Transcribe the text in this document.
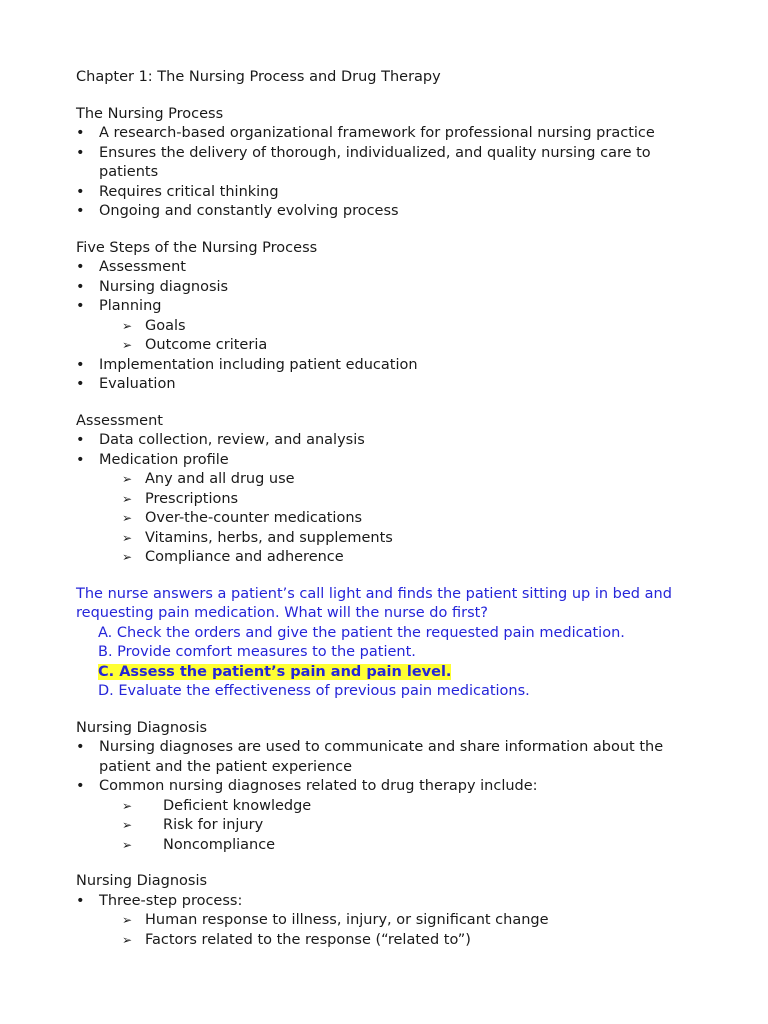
Chapter 1: The Nursing Process and Drug Therapy
The Nursing Process
• A research-based organizational framework for professional nursing practice
• Ensures the delivery of thorough, individualized, and quality nursing care to patients
• Requires critical thinking
• Ongoing and constantly evolving process
Five Steps of the Nursing Process
• Assessment
• Nursing diagnosis
• Planning
➢ Goals
➢ Outcome criteria
• Implementation including patient education
• Evaluation
Assessment
• Data collection, review, and analysis
• Medication profile
➢ Any and all drug use
➢ Prescriptions
➢ Over-the-counter medications
➢ Vitamins, herbs, and supplements
➢ Compliance and adherence
The nurse answers a patient’s call light and finds the patient sitting up in bed and requesting pain medication. What will the nurse do first?
A. Check the orders and give the patient the requested pain medication.
B. Provide comfort measures to the patient.
C. Assess the patient’s pain and pain level.
D. Evaluate the effectiveness of previous pain medications.
Nursing Diagnosis
• Nursing diagnoses are used to communicate and share information about the patient and the patient experience
• Common nursing diagnoses related to drug therapy include:
➢ Deficient knowledge
➢ Risk for injury
➢ Noncompliance
Nursing Diagnosis
• Three-step process:
➢ Human response to illness, injury, or significant change
➢ Factors related to the response (“related to”)
